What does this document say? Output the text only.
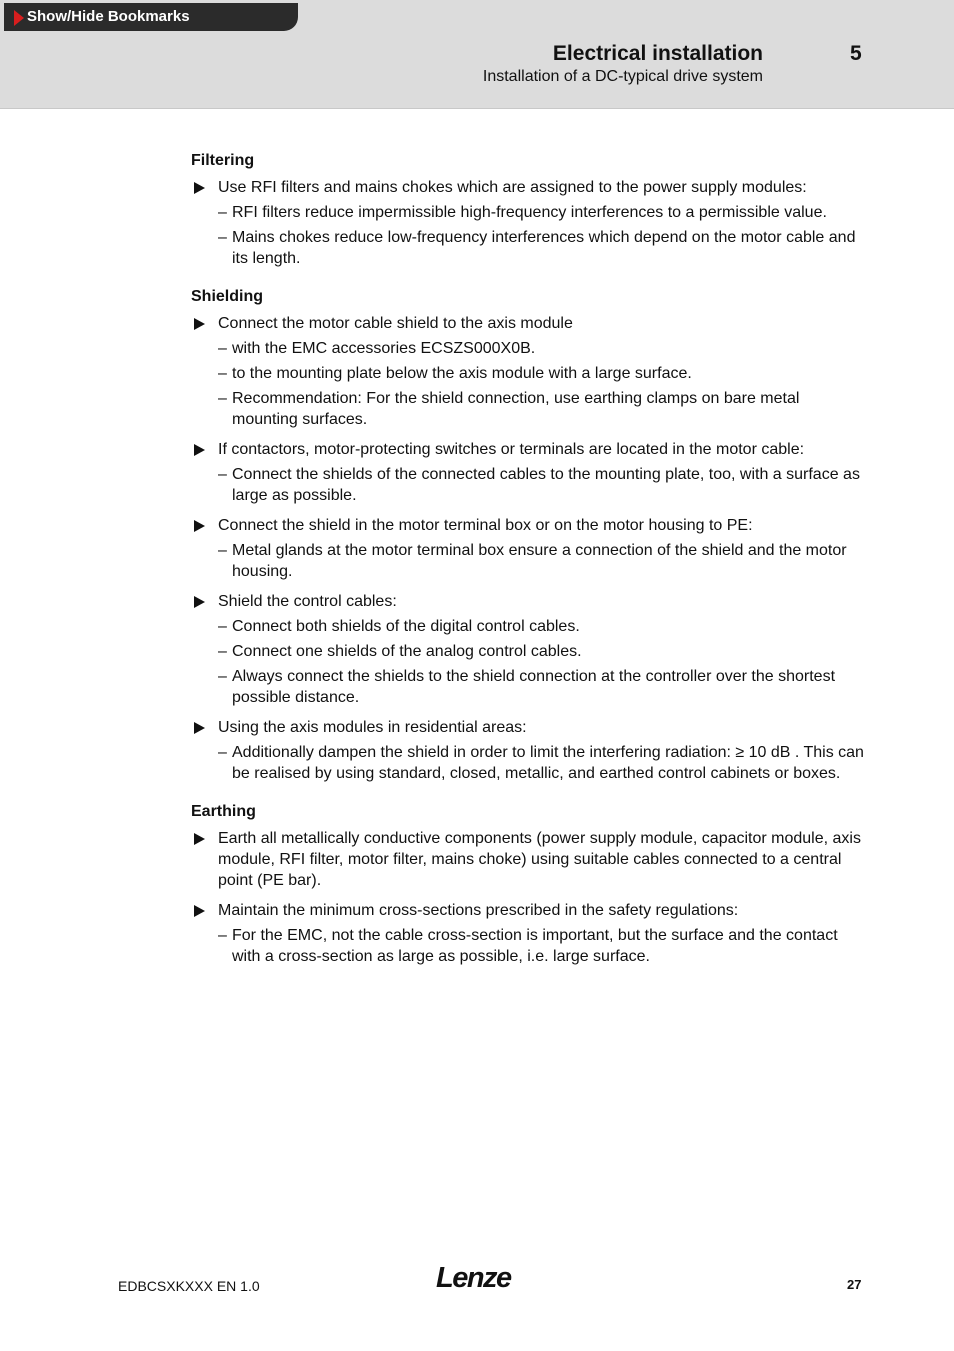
Show/Hide Bookmarks
Electrical installation
Installation of a DC-typical drive system
5
Filtering
Use RFI filters and mains chokes which are assigned to the power supply modules:
– RFI filters reduce impermissible high-frequency interferences to a permissible value.
– Mains chokes reduce low-frequency interferences which depend on the motor cable and its length.
Shielding
Connect the motor cable shield to the axis module
– with the EMC accessories ECSZS000X0B.
– to the mounting plate below the axis module with a large surface.
– Recommendation: For the shield connection, use earthing clamps on bare metal mounting surfaces.
If contactors, motor-protecting switches or terminals are located in the motor cable:
– Connect the shields of the connected cables to the mounting plate, too, with a surface as large as possible.
Connect the shield in the motor terminal box or on the motor housing to PE:
– Metal glands at the motor terminal box ensure a connection of the shield and the motor housing.
Shield the control cables:
– Connect both shields of the digital control cables.
– Connect one shields of the analog control cables.
– Always connect the shields to the shield connection at the controller over the shortest possible distance.
Using the axis modules in residential areas:
– Additionally dampen the shield in order to limit the interfering radiation: ≥ 10 dB . This can be realised by using standard, closed, metallic, and earthed control cabinets or boxes.
Earthing
Earth all metallically conductive components (power supply module, capacitor module, axis module, RFI filter, motor filter, mains choke) using suitable cables connected to a central point (PE bar).
Maintain the minimum cross-sections prescribed in the safety regulations:
– For the EMC, not the cable cross-section is important, but the surface and the contact with a cross-section as large as possible, i.e. large surface.
EDBCSXKXXX EN 1.0	Lenze	27
